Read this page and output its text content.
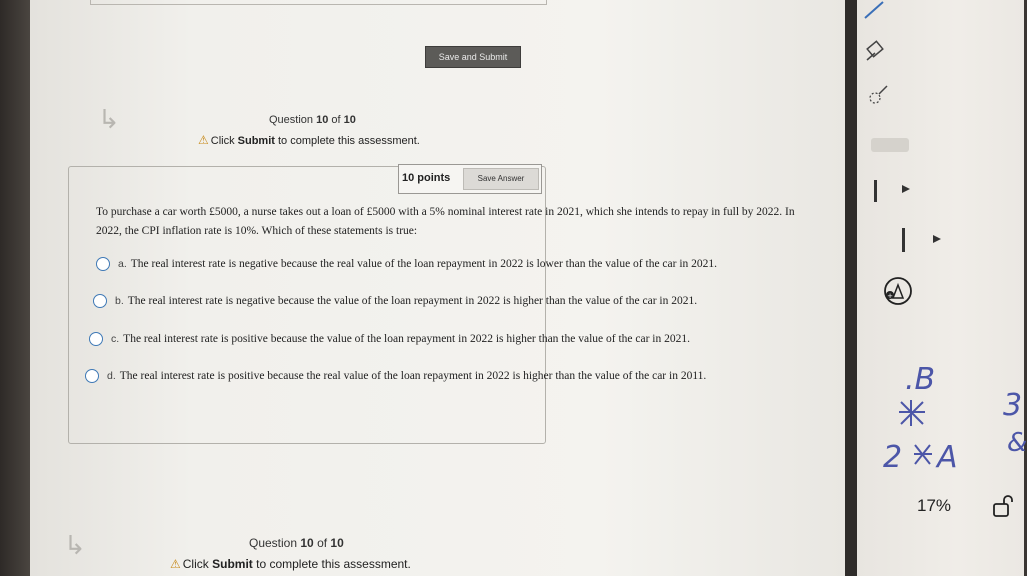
Save and Submit
↳	Question 10 of 10
⚠ Click Submit to complete this assessment.
10 points	Save Answer
To purchase a car worth £5000, a nurse takes out a loan of £5000 with a 5% nominal interest rate in 2021, which she intends to repay in full by 2022. In 2022, the CPI inflation rate is 10%. Which of these statements is true:
a. The real interest rate is negative because the real value of the loan repayment in 2022 is lower than the value of the car in 2021.
b. The real interest rate is negative because the value of the loan repayment in 2022 is higher than the value of the car in 2021.
c. The real interest rate is positive because the value of the loan repayment in 2022 is higher than the value of the car in 2021.
d. The real interest rate is positive because the real value of the loan repayment in 2022 is higher than the value of the car in 2011.
↳	Question 10 of 10
⚠ Click Submit to complete this assessment.
+
.B
2 A
3
&
17%
